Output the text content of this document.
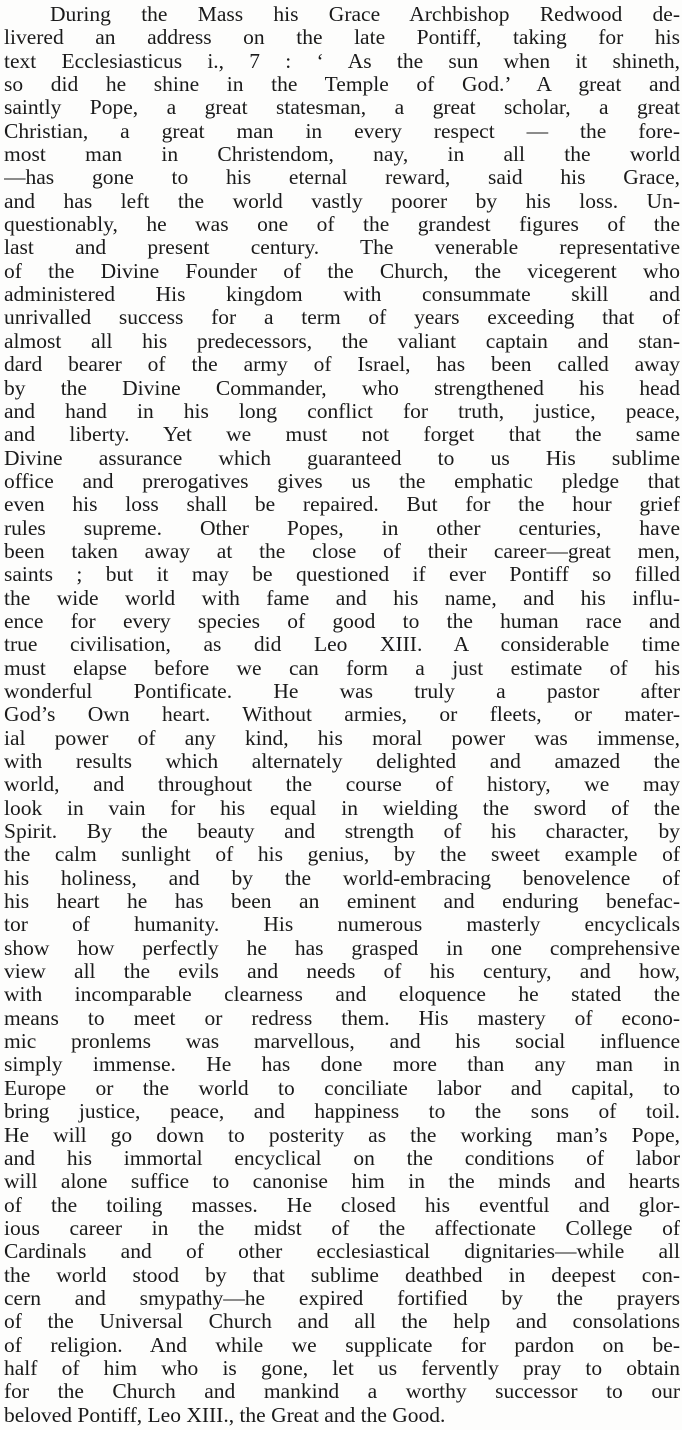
During the Mass his Grace Archbishop Redwood de-
livered an address on the late Pontiff, taking for his
text Ecclesiasticus i., 7 : ‘ As the sun when it shineth,
so did he shine in the Temple of God.’ A great and
saintly Pope, a great statesman, a great scholar, a great
Christian, a great man in every respect — the fore-
most man in Christendom, nay, in all the world
—has gone to his eternal reward, said his Grace,
and has left the world vastly poorer by his loss. Un-
questionably, he was one of the grandest figures of the
last and present century. The venerable representative
of the Divine Founder of the Church, the vicegerent who
administered His kingdom with consummate skill and
unrivalled success for a term of years exceeding that of
almost all his predecessors, the valiant captain and stan-
dard bearer of the army of Israel, has been called away
by the Divine Commander, who strengthened his head
and hand in his long conflict for truth, justice, peace,
and liberty. Yet we must not forget that the same
Divine assurance which guaranteed to us His sublime
office and prerogatives gives us the emphatic pledge that
even his loss shall be repaired. But for the hour grief
rules supreme. Other Popes, in other centuries, have
been taken away at the close of their career—great men,
saints ; but it may be questioned if ever Pontiff so filled
the wide world with fame and his name, and his influ-
ence for every species of good to the human race and
true civilisation, as did Leo XIII. A considerable time
must elapse before we can form a just estimate of his
wonderful Pontificate. He was truly a pastor after
God’s Own heart. Without armies, or fleets, or mater-
ial power of any kind, his moral power was immense,
with results which alternately delighted and amazed the
world, and throughout the course of history, we may
look in vain for his equal in wielding the sword of the
Spirit. By the beauty and strength of his character, by
the calm sunlight of his genius, by the sweet example of
his holiness, and by the world-embracing benovelence of
his heart he has been an eminent and enduring benefac-
tor of humanity. His numerous masterly encyclicals
show how perfectly he has grasped in one comprehensive
view all the evils and needs of his century, and how,
with incomparable clearness and eloquence he stated the
means to meet or redress them. His mastery of econo-
mic pronlems was marvellous, and his social influence
simply immense. He has done more than any man in
Europe or the world to conciliate labor and capital, to
bring justice, peace, and happiness to the sons of toil.
He will go down to posterity as the working man’s Pope,
and his immortal encyclical on the conditions of labor
will alone suffice to canonise him in the minds and hearts
of the toiling masses. He closed his eventful and glor-
ious career in the midst of the affectionate College of
Cardinals and of other ecclesiastical dignitaries—while all
the world stood by that sublime deathbed in deepest con-
cern and smypathy—he expired fortified by the prayers
of the Universal Church and all the help and consolations
of religion. And while we supplicate for pardon on be-
half of him who is gone, let us fervently pray to obtain
for the Church and mankind a worthy successor to our
beloved Pontiff, Leo XIII., the Great and the Good.
